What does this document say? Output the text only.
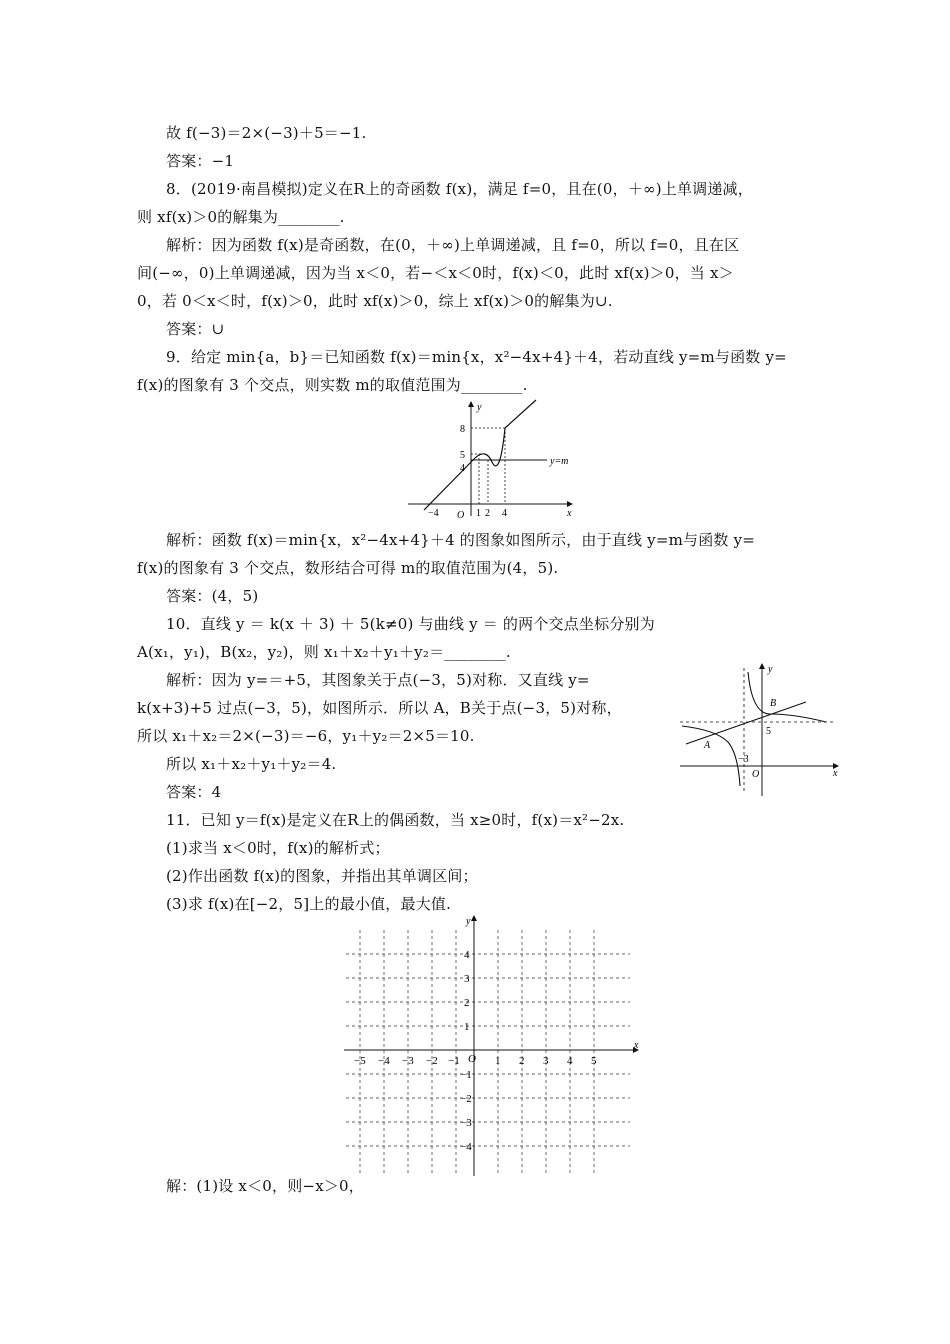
故 f(−3)＝2×(−3)＋5＝−1.
答案：−1
8．(2019·南昌模拟)定义在R上的奇函数 f(x)，满足 f=0，且在(0，＋∞)上单调递减，
则 xf(x)＞0的解集为________.
解析：因为函数 f(x)是奇函数，在(0，＋∞)上单调递减，且 f=0，所以 f=0，且在区
间(−∞，0)上单调递减，因为当 x＜0，若−＜x＜0时，f(x)＜0，此时 xf(x)＞0，当 x＞
0，若 0＜x＜时，f(x)＞0，此时 xf(x)＞0，综上 xf(x)＞0的解集为∪.
答案：∪
9．给定 min{a，b}＝已知函数 f(x)＝min{x，x²−4x+4}＋4，若动直线 y=m与函数 y=
f(x)的图象有 3 个交点，则实数 m的取值范围为________.
y
x
O
8
5
4
−4	1 2 4
y=m
解析：函数 f(x)＝min{x，x²−4x+4}＋4 的图象如图所示，由于直线 y=m与函数 y=
f(x)的图象有 3 个交点，数形结合可得 m的取值范围为(4，5).
答案：(4，5)
10．直线 y ＝ k(x ＋ 3) ＋ 5(k≠0) 与曲线 y ＝ 的两个交点坐标分别为
A(x₁，y₁)，B(x₂，y₂)，则 x₁＋x₂＋y₁＋y₂＝________.
解析：因为 y=＝+5，其图象关于点(−3，5)对称．又直线 y=
k(x+3)+5 过点(−3，5)，如图所示．所以 A，B关于点(−3，5)对称，
所以 x₁＋x₂＝2×(−3)＝−6，y₁＋y₂＝2×5＝10.
所以 x₁＋x₂＋y₁＋y₂＝4.
答案：4
y
x
O
A
B
5
−3
11．已知 y＝f(x)是定义在R上的偶函数，当 x≥0时，f(x)＝x²−2x.
(1)求当 x＜0时，f(x)的解析式；
(2)作出函数 f(x)的图象，并指出其单调区间；
(3)求 f(x)在[−2，5]上的最小值，最大值.
y
x
O
−5 −4 −3 −2 −1	1 2 3 4 5
4
3
2
1
−1
−2
−3
−4
解：(1)设 x＜0，则−x＞0，
